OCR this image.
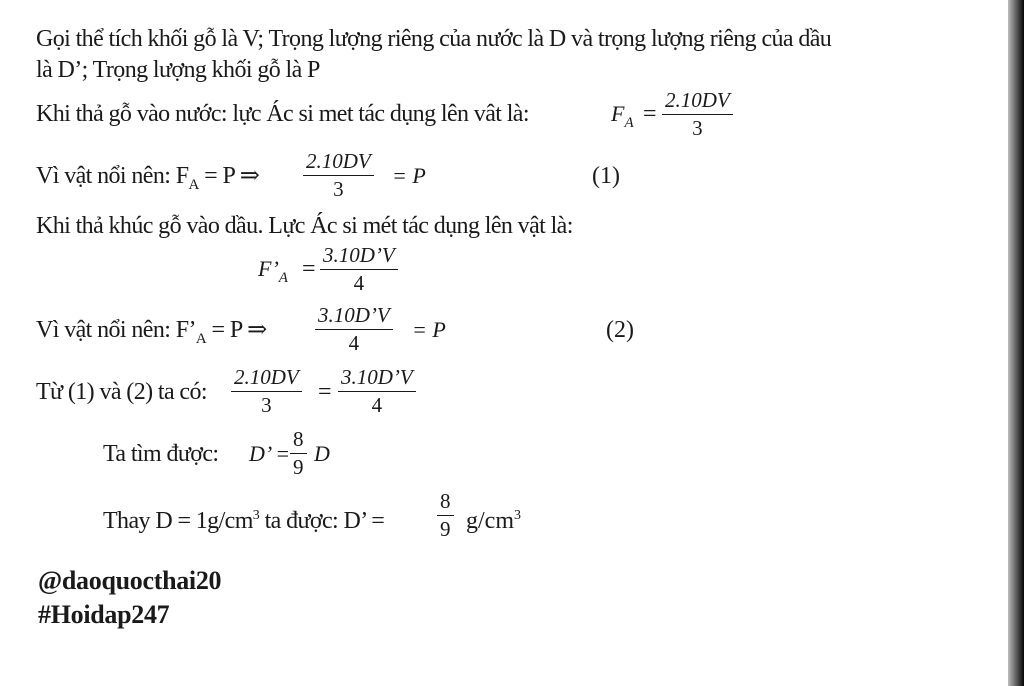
Gọi thể tích khối gỗ là V; Trọng lượng riêng của nước là D và trọng lượng riêng của dầu
là D’; Trọng lượng khối gỗ là P
Khi thả gỗ vào nước: lực Ác si met tác dụng lên vât là:	$F_A = \frac{2.10DV}{3}$
Vì vật nổi nên: $F_A = P$ ⇒ $\frac{2.10DV}{3} = P$	(1)
Khi thả khúc gỗ vào dầu. Lực Ác si mét tác dụng lên vật là:
$F’_A = \frac{3.10D’V}{4}$
Vì vật nổi nên: $F’_A = P$ ⇒ $\frac{3.10D’V}{4} = P$	(2)
Từ (1) và (2) ta có: $\frac{2.10DV}{3} = \frac{3.10D’V}{4}$
Ta tìm được: D’ = $\frac{8}{9}$ D
Thay $D = 1g/cm^3$ ta được: D’ =	$\frac{8}{9} g/cm^3$
@daoquocthai20
#Hoidap247
